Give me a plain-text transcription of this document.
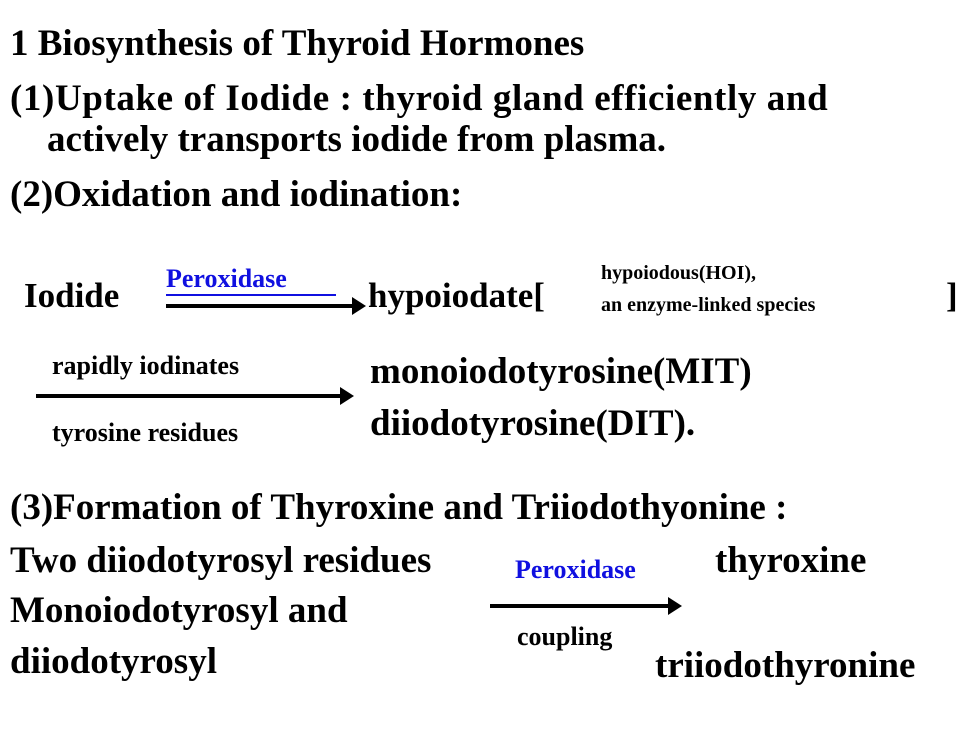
1 Biosynthesis of Thyroid Hormones
(1)Uptake of Iodide : thyroid gland efficiently and
actively transports iodide from plasma.
(2)Oxidation and iodination:
Iodide Peroxidase hypoiodate[
hypoiodous(HOI),
an enzyme-linked species	]
rapidly iodinates
tyrosine residues
monoiodotyrosine(MIT)
diiodotyrosine(DIT).
(3)Formation of Thyroxine and Triiodothyonine :
Two diiodotyrosyl residues	Peroxidase thyroxine
Monoiodotyrosyl and
coupling
diiodotyrosyl	triiodothyronine
